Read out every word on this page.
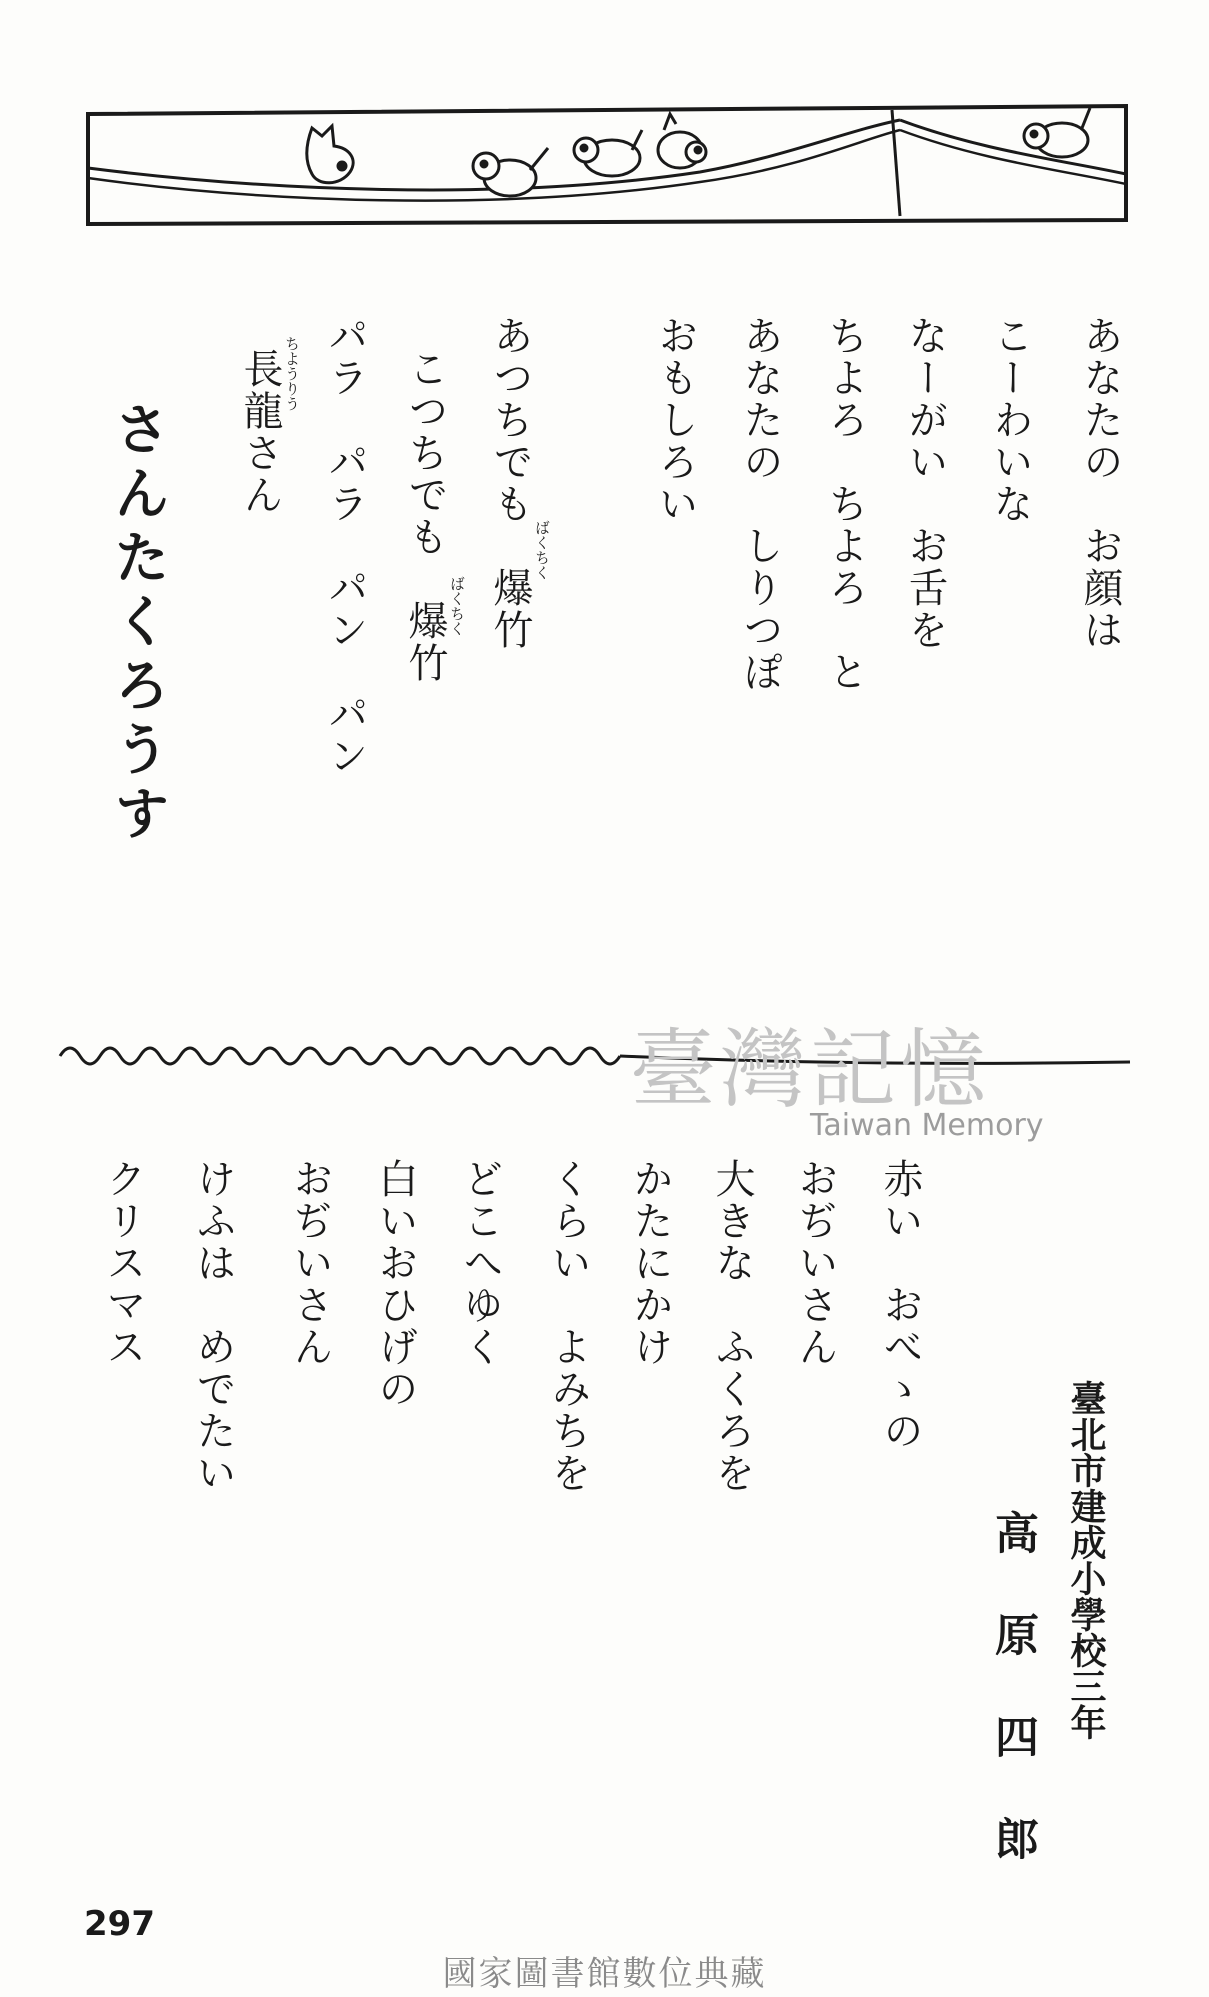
あなたの　お顔は
こーわいな
なーがい　お舌を
ちよろ　ちよろ　と
あなたの　しりつぽ
おもしろい
あつちでも　爆竹 ばくちく
こつちでも　爆竹 ばくちく
パラ　パラ　パン　パン
長龍さん ちようりう
さんたくろうす
臺灣記憶
Taiwan Memory
臺北市建成小學校三年
高原四郎
赤い　おべゝの
おぢいさん
大きな　ふくろを
かたにかけ
くらい　よみちを
どこへゆく
白いおひげの
おぢいさん
けふは　めでたい
クリスマス
297
國家圖書館數位典藏
